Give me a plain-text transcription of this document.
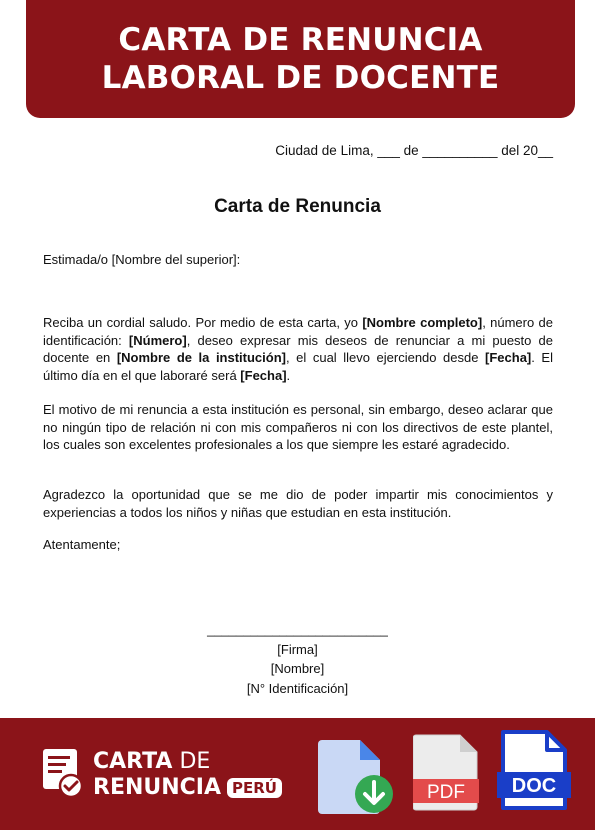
CARTA DE RENUNCIA
LABORAL DE DOCENTE
Ciudad de Lima, ___ de __________ del 20__
Carta de Renuncia
Estimada/o [Nombre del superior]:
Reciba un cordial saludo. Por medio de esta carta, yo [Nombre completo], número de identificación: [Número], deseo expresar mis deseos de renunciar a mi puesto de docente en [Nombre de la institución], el cual llevo ejerciendo desde [Fecha]. El último día en el que laboraré será [Fecha].
El motivo de mi renuncia a esta institución es personal, sin embargo, deseo aclarar que no ningún tipo de relación ni con mis compañeros ni con los directivos de este plantel, los cuales son excelentes profesionales a los que siempre les estaré agradecido.
Agradezco la oportunidad que se me dio de poder impartir mis conocimientos y experiencias a todos los niños y niñas que estudian en esta institución.
Atentamente;
_________________________
[Firma]
[Nombre]
[N° Identificación]
CARTA DE
RENUNCIA PERÚ	PDF DOC
